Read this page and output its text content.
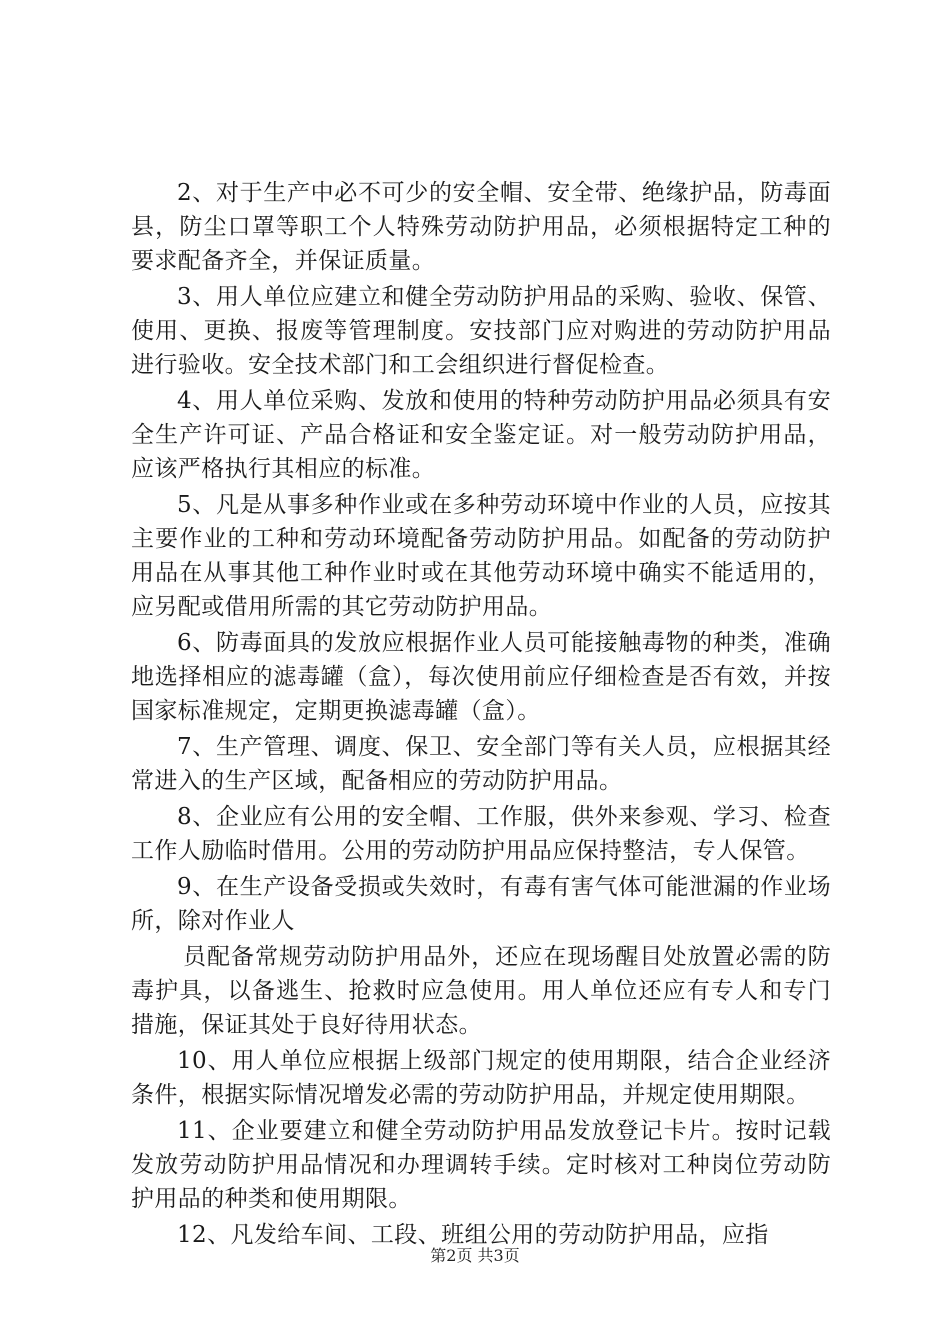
2、对于生产中必不可少的安全帽、安全带、绝缘护品，防毒面县，防尘口罩等职工个人特殊劳动防护用品，必须根据特定工种的要求配备齐全，并保证质量。

3、用人单位应建立和健全劳动防护用品的采购、验收、保管、使用、更换、报废等管理制度。安技部门应对购进的劳动防护用品进行验收。安全技术部门和工会组织进行督促检查。

4、用人单位采购、发放和使用的特种劳动防护用品必须具有安全生产许可证、产品合格证和安全鉴定证。对一般劳动防护用品，应该严格执行其相应的标准。

5、凡是从事多种作业或在多种劳动环境中作业的人员，应按其主要作业的工种和劳动环境配备劳动防护用品。如配备的劳动防护用品在从事其他工种作业时或在其他劳动环境中确实不能适用的，应另配或借用所需的其它劳动防护用品。

6、防毒面具的发放应根据作业人员可能接触毒物的种类，准确地选择相应的滤毒罐（盒），每次使用前应仔细检查是否有效，并按国家标准规定，定期更换滤毒罐（盒）。

7、生产管理、调度、保卫、安全部门等有关人员，应根据其经常进入的生产区域，配备相应的劳动防护用品。

8、企业应有公用的安全帽、工作服，供外来参观、学习、检查工作人励临时借用。公用的劳动防护用品应保持整洁，专人保管。

9、在生产设备受损或失效时，有毒有害气体可能泄漏的作业场所，除对作业人

员配备常规劳动防护用品外，还应在现场醒目处放置必需的防毒护具，以备逃生、抢救时应急使用。用人单位还应有专人和专门措施，保证其处于良好待用状态。

10、用人单位应根据上级部门规定的使用期限，结合企业经济条件，根据实际情况增发必需的劳动防护用品，并规定使用期限。

11、企业要建立和健全劳动防护用品发放登记卡片。按时记载发放劳动防护用品情况和办理调转手续。定时核对工种岗位劳动防护用品的种类和使用期限。

12、凡发给车间、工段、班组公用的劳动防护用品，应指

第2页 共3页
